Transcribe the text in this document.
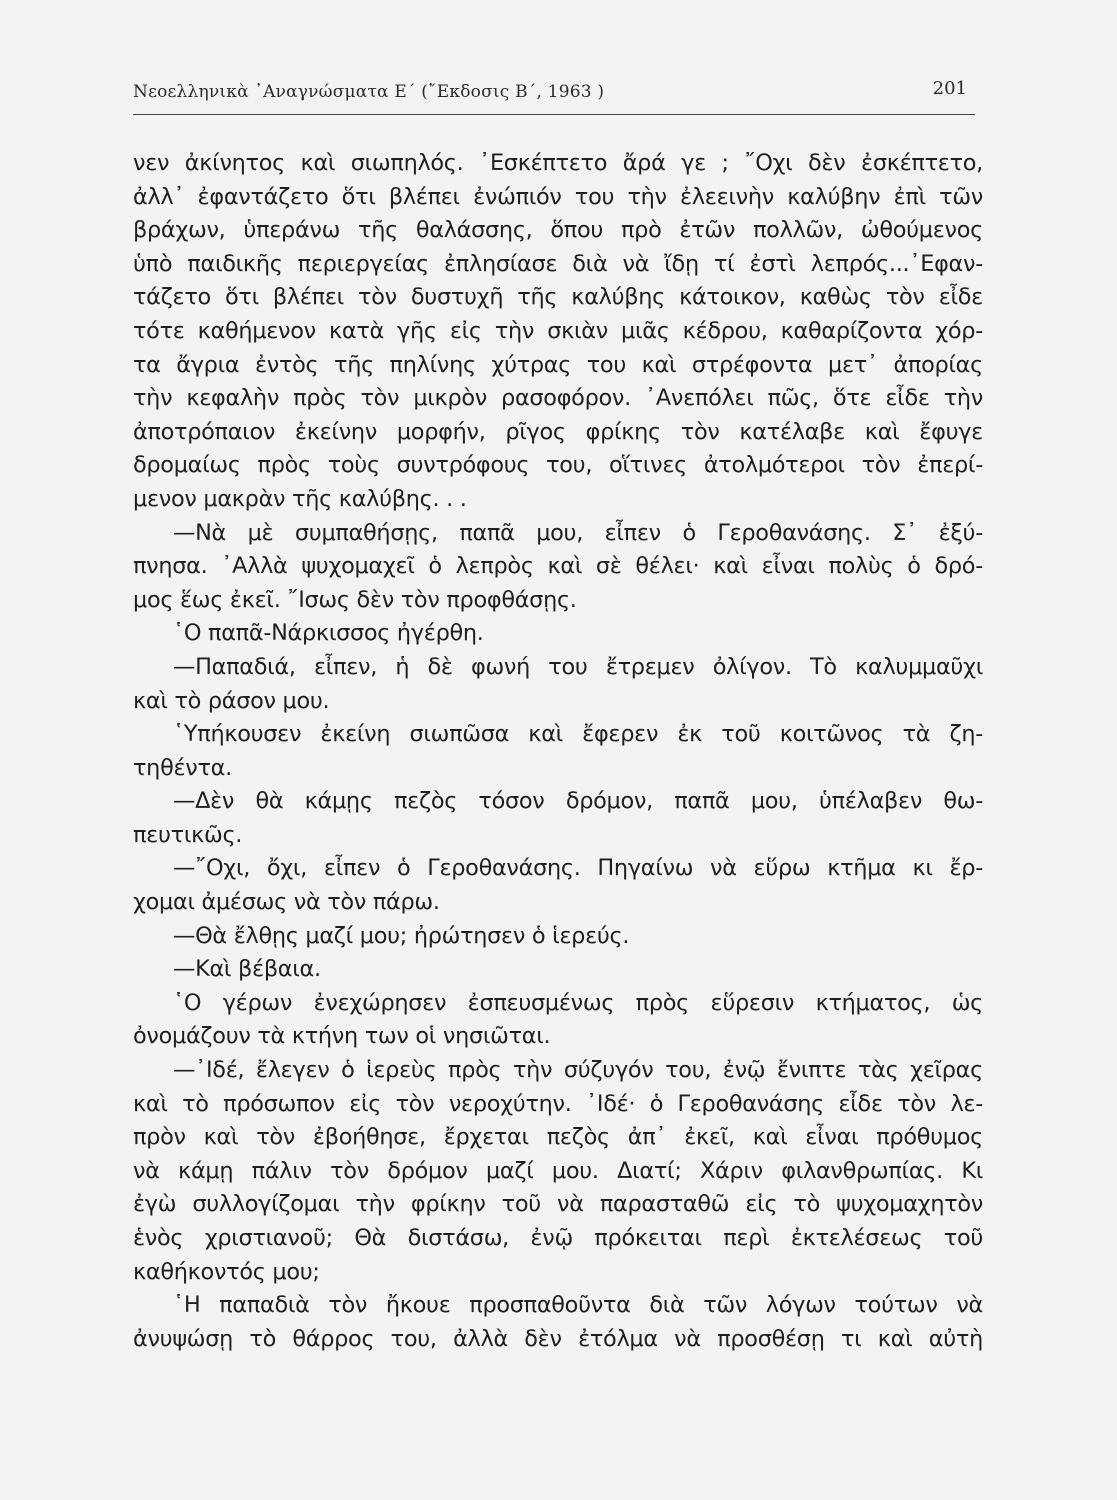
Νεοελληνικὰ ᾿Αναγνώσματα Ε΄ (῎Εκδοσις Β΄, 1963 )	201
νεν ἀκίνητος καὶ σιωπηλός. ᾿Εσκέπτετο ἄρά γε ; ῎Οχι δὲν ἐσκέπτετο,
ἀλλ᾿ ἐφαντάζετο ὅτι βλέπει ἐνώπιόν του τὴν ἐλεεινὴν καλύβην ἐπὶ τῶν
βράχων, ὑπεράνω τῆς θαλάσσης, ὅπου πρὸ ἐτῶν πολλῶν, ὠθούμενος
ὑπὸ παιδικῆς περιεργείας ἐπλησίασε διὰ νὰ ἴδῃ τί ἐστὶ λεπρός...᾿Εφαν-
τάζετο ὅτι βλέπει τὸν δυστυχῆ τῆς καλύβης κάτοικον, καθὼς τὸν εἶδε
τότε καθήμενον κατὰ γῆς εἰς τὴν σκιὰν μιᾶς κέδρου, καθαρίζοντα χόρ-
τα ἄγρια ἐντὸς τῆς πηλίνης χύτρας του καὶ στρέφοντα μετ᾿ ἀπορίας
τὴν κεφαλὴν πρὸς τὸν μικρὸν ρασοφόρον. ᾿Ανεπόλει πῶς, ὅτε εἶδε τὴν
ἀποτρόπαιον ἐκείνην μορφήν, ρῖγος φρίκης τὸν κατέλαβε καὶ ἔφυγε
δρομαίως πρὸς τοὺς συντρόφους του, οἵτινες ἀτολμότεροι τὸν ἐπερί-
μενον μακρὰν τῆς καλύβης. . .
—Νὰ μὲ συμπαθήσῃς, παπᾶ μου, εἶπεν ὁ Γεροθανάσης. Σ᾿ ἐξύ-
πνησα. ᾿Αλλὰ ψυχομαχεῖ ὁ λεπρὸς καὶ σὲ θέλει· καὶ εἶναι πολὺς ὁ δρό-
μος ἕως ἐκεῖ. ῎Ισως δὲν τὸν προφθάσῃς.
῾Ο παπᾶ-Νάρκισσος ἠγέρθη.
—Παπαδιά, εἶπεν, ἡ δὲ φωνή του ἔτρεμεν ὀλίγον. Τὸ καλυμμαῦχι
καὶ τὸ ράσον μου.
῾Υπήκουσεν ἐκείνη σιωπῶσα καὶ ἔφερεν ἐκ τοῦ κοιτῶνος τὰ ζη-
τηθέντα.
—Δὲν θὰ κάμῃς πεζὸς τόσον δρόμον, παπᾶ μου, ὑπέλαβεν θω-
πευτικῶς.
—῎Οχι, ὄχι, εἶπεν ὁ Γεροθανάσης. Πηγαίνω νὰ εὕρω κτῆμα κι ἔρ-
χομαι ἀμέσως νὰ τὸν πάρω.
—Θὰ ἔλθῃς μαζί μου; ἠρώτησεν ὁ ἱερεύς.
—Καὶ βέβαια.
῾Ο γέρων ἐνεχώρησεν ἐσπευσμένως πρὸς εὕρεσιν κτήματος, ὡς
ὀνομάζουν τὰ κτήνη των οἱ νησιῶται.
—᾿Ιδέ, ἔλεγεν ὁ ἱερεὺς πρὸς τὴν σύζυγόν του, ἐνῷ ἔνιπτε τὰς χεῖρας
καὶ τὸ πρόσωπον εἰς τὸν νεροχύτην. ᾿Ιδέ· ὁ Γεροθανάσης εἶδε τὸν λε-
πρὸν καὶ τὸν ἐβοήθησε, ἔρχεται πεζὸς ἀπ᾿ ἐκεῖ, καὶ εἶναι πρόθυμος
νὰ κάμῃ πάλιν τὸν δρόμον μαζί μου. Διατί; Χάριν φιλανθρωπίας. Κι
ἐγὼ συλλογίζομαι τὴν φρίκην τοῦ νὰ παρασταθῶ εἰς τὸ ψυχομαχητὸν
ἑνὸς χριστιανοῦ; Θὰ διστάσω, ἐνῷ πρόκειται περὶ ἐκτελέσεως τοῦ
καθήκοντός μου;
῾Η παπαδιὰ τὸν ἤκουε προσπαθοῦντα διὰ τῶν λόγων τούτων νὰ
ἀνυψώσῃ τὸ θάρρος του, ἀλλὰ δὲν ἐτόλμα νὰ προσθέσῃ τι καὶ αὐτὴ
